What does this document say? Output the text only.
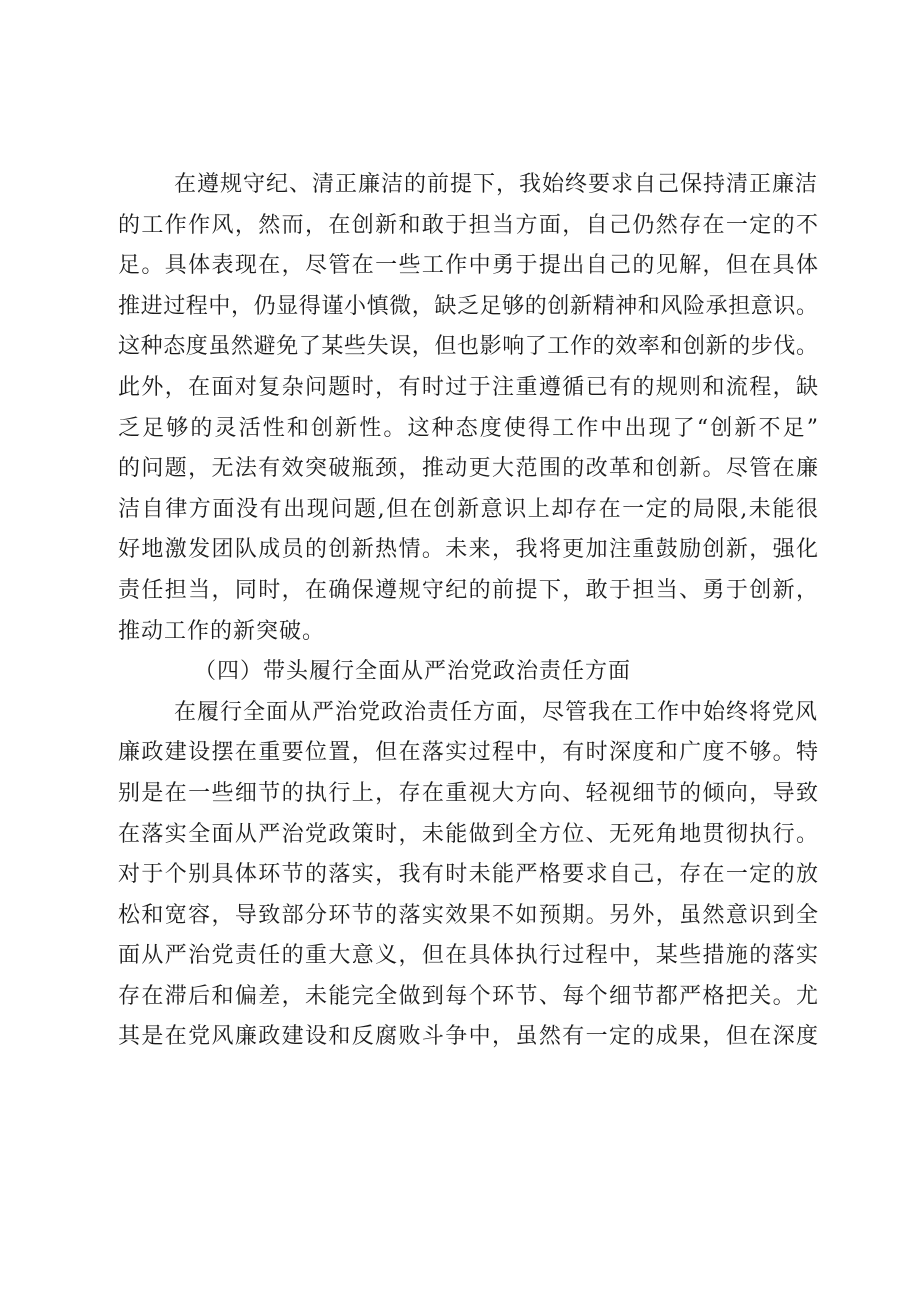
在遵规守纪、清正廉洁的前提下，我始终要求自己保持清正廉洁
的工作作风，然而，在创新和敢于担当方面，自己仍然存在一定的不
足。具体表现在，尽管在一些工作中勇于提出自己的见解，但在具体
推进过程中，仍显得谨小慎微，缺乏足够的创新精神和风险承担意识。
这种态度虽然避免了某些失误，但也影响了工作的效率和创新的步伐。
此外，在面对复杂问题时，有时过于注重遵循已有的规则和流程，缺
乏足够的灵活性和创新性。这种态度使得工作中出现了“创新不足”
的问题，无法有效突破瓶颈，推动更大范围的改革和创新。尽管在廉
洁自律方面没有出现问题,但在创新意识上却存在一定的局限,未能很
好地激发团队成员的创新热情。未来，我将更加注重鼓励创新，强化
责任担当，同时，在确保遵规守纪的前提下，敢于担当、勇于创新，
推动工作的新突破。
（四）带头履行全面从严治党政治责任方面
在履行全面从严治党政治责任方面，尽管我在工作中始终将党风
廉政建设摆在重要位置，但在落实过程中，有时深度和广度不够。特
别是在一些细节的执行上，存在重视大方向、轻视细节的倾向，导致
在落实全面从严治党政策时，未能做到全方位、无死角地贯彻执行。
对于个别具体环节的落实，我有时未能严格要求自己，存在一定的放
松和宽容，导致部分环节的落实效果不如预期。另外，虽然意识到全
面从严治党责任的重大意义，但在具体执行过程中，某些措施的落实
存在滞后和偏差，未能完全做到每个环节、每个细节都严格把关。尤
其是在党风廉政建设和反腐败斗争中，虽然有一定的成果，但在深度
